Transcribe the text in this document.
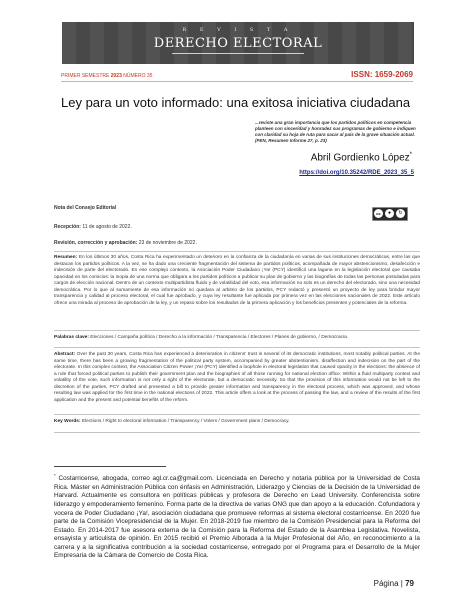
R E V I S T A
DERECHO ELECTORAL
PRIMER SEMESTRE 2023 NÚMERO 35	ISSN: 1659-2069
Ley para un voto informado: una exitosa iniciativa ciudadana
...reviste una gran importancia que los partidos políticos en competencia planteen con sinceridad y honradez sus programas de gobierno e indiquen con claridad su hoja de ruta para sacar al país de la grave situación actual. (PEN, Resumen Informe 27, p. 23)
Abril Gordienko López*
https://doi.org/10.35242/RDE_2023_35_5
Nota del Consejo Editorial
cc	●	↻
Recepción: 11 de agosto de 2022.
Revisión, corrección y aprobación: 23 de noviembre de 2022.
Resumen: En los últimos 30 años, Costa Rica ha experimentado un deterioro en la confianza de la ciudadanía en varias de sus instituciones democráticas, entre las que destacan los partidos políticos. A la vez, se ha dado una creciente fragmentación del sistema de partidos políticos, acompañada de mayor abstencionismo, desafección e indecisión de parte del electorado. En ese complejo contexto, la Asociación Poder Ciudadano ¡Ya! (PCY) identificó una laguna en la legislación electoral que causaba opacidad en los comicios: la inopia de una norma que obligara a los partidos políticos a publicar su plan de gobierno y las biografías de todas las personas postuladas para cargos de elección nacional. Dentro de un contexto multipartidista fluido y de volatilidad del voto, esa información no solo es un derecho del electorado, sino una necesidad democrática. Por lo que al sumamente de esa información no quedara al arbitrio de los partidos, PCY redactó y presentó un proyecto de ley para brindar mayor transparencia y calidad al proceso electoral, el cual fue aprobado, y cuya ley resultante fue aplicada por primera vez en las elecciones nacionales de 2022. Este artículo ofrece una mirada al proceso de aprobación de la ley, y un repaso sobre los resultados de la primera aplicación y los beneficios presentes y potenciales de la reforma.
Palabras clave: Elecciones / Campaña política / Derecho a la información / Transparencia / Electores / Planes de gobierno, / Democracia.
Abstract: Over the past 30 years, Costa Rica has experienced a deterioration in citizens' trust in several of its democratic institutions, most notably political parties. At the same time, there has been a growing fragmentation of the political party system, accompanied by greater abstentionism, disaffection and indecision on the part of the electorate. In this complex context, the Association Citizen Power ¡Ya! (PCY) identified a loophole in electoral legislation that caused opacity in the elections: the absence of a rule that forced political parties to publish their government plan and the biographies of all those running for national election office. Within a fluid multiparty context and volatility of the vote, such information is not only a right of the electorate, but a democratic necessity. So that the provision of this information would not be left to the discretion of the parties, PCY drafted and presented a bill to provide greater information and transparency in the electoral process, which was approved, and whose resulting law was applied for the first time in the national elections of 2022. This article offers a look at the process of passing the law, and a review of the results of the first application and the present and potential benefits of the reform.
Key Words: Elections / Right to electoral information / Transparency / Voters / Government plans / Democracy.
* Costarricense, abogada, correo agl.cr.ca@gmail.com. Licenciada en Derecho y notaria pública por la Universidad de Costa Rica. Máster en Administración Pública con énfasis en Administración, Liderazgo y Ciencias de la Decisión de la Universidad de Harvard. Actualmente es consultora en políticas públicas y profesora de Derecho en Lead University. Conferencista sobre liderazgo y empoderamiento femenino. Forma parte de la directiva de varias ONG que dan apoyo a la educación. Cofundadora y vocera de Poder Ciudadano ¡Ya!, asociación ciudadana que promueve reformas al sistema electoral costarricense. En 2020 fue parte de la Comisión Vicepresidencial de la Mujer. En 2018-2019 fue miembro de la Comisión Presidencial para la Reforma del Estado. En 2014-2017 fue asesora externa de la Comisión para la Reforma del Estado de la Asamblea Legislativa. Novelista, ensayista y articulista de opinión. En 2015 recibió el Premio Alborada a la Mujer Profesional del Año, en reconocimiento a la carrera y a la significativa contribución a la sociedad costarricense, entregado por el Programa para el Desarrollo de la Mujer Empresaria de la Cámara de Comercio de Costa Rica.
Página | 79
